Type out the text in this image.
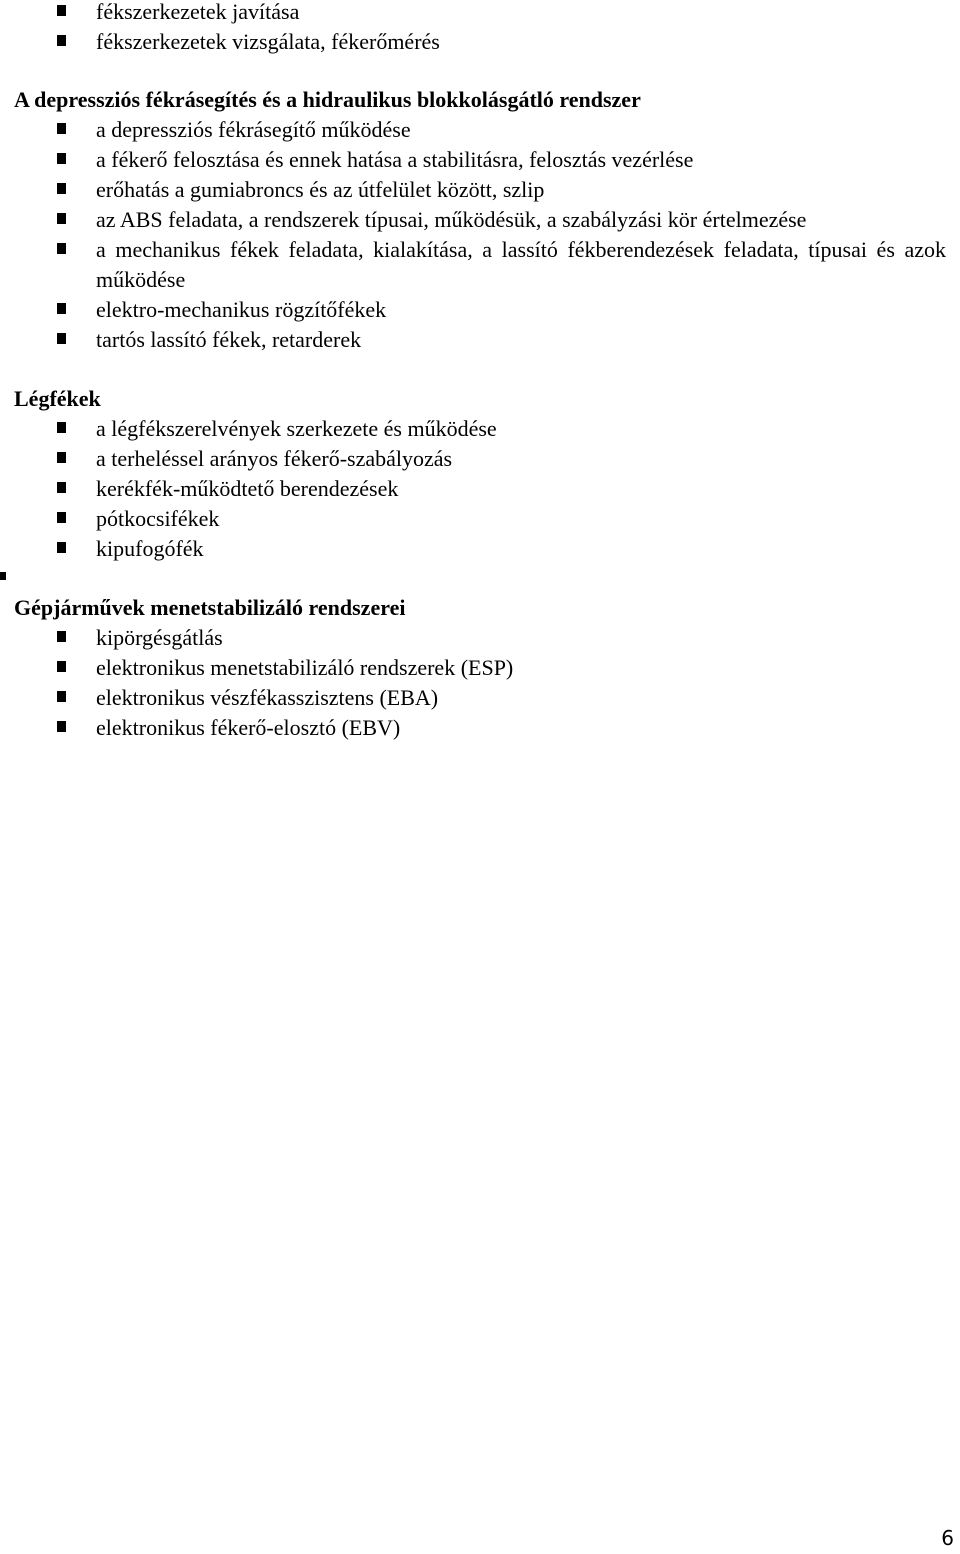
fékszerkezetek javítása
fékszerkezetek vizsgálata, fékerőmérés
A depressziós fékrásegítés és a hidraulikus blokkolásgátló rendszer
a depressziós fékrásegítő működése
a fékerő felosztása és ennek hatása a stabilitásra, felosztás vezérlése
erőhatás a gumiabroncs és az útfelület között, szlip
az ABS feladata, a rendszerek típusai, működésük, a szabályzási kör értelmezése
a mechanikus fékek feladata, kialakítása, a lassító fékberendezések feladata, típusai és azok működése
elektro-mechanikus rögzítőfékek
tartós lassító fékek, retarderek
Légfékek
a légfékszerelvények szerkezete és működése
a terheléssel arányos fékerő-szabályozás
kerékfék-működtető berendezések
pótkocsifékek
kipufogófék
Gépjárművek menetstabilizáló rendszerei
kipörgésgátlás
elektronikus menetstabilizáló rendszerek (ESP)
elektronikus vészfékasszisztens (EBA)
elektronikus fékerő-elosztó (EBV)
6
